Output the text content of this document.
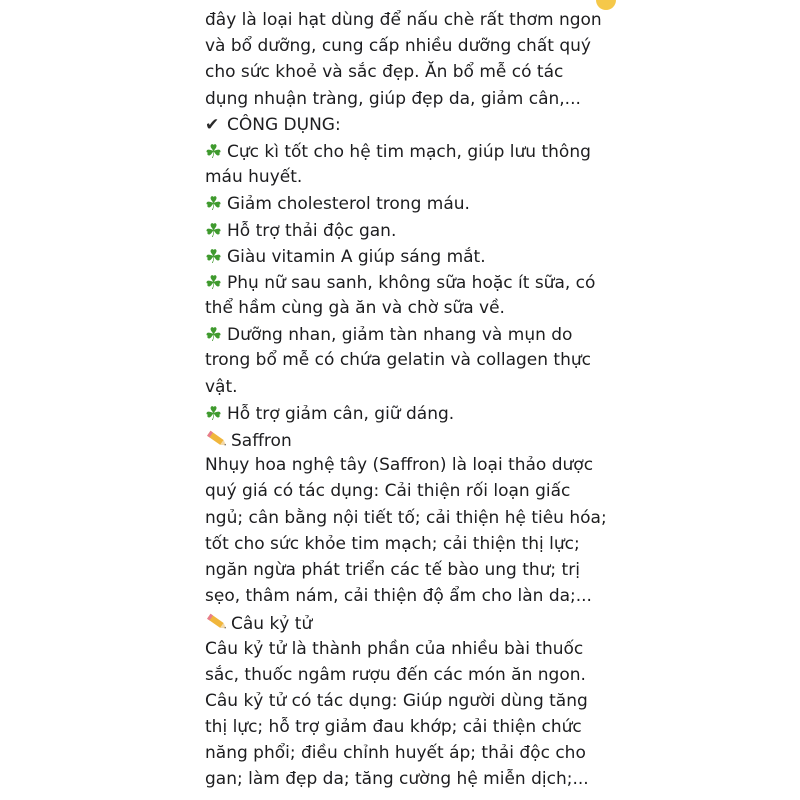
đây là loại hạt dùng để nấu chè rất thơm ngon
và bổ dưỡng, cung cấp nhiều dưỡng chất quý
cho sức khoẻ và sắc đẹp. Ăn bổ mễ có tác
dụng nhuận tràng, giúp đẹp da, giảm cân,...
✔ CÔNG DỤNG:
☘ Cực kì tốt cho hệ tim mạch, giúp lưu thông
máu huyết.
☘ Giảm cholesterol trong máu.
☘ Hỗ trợ thải độc gan.
☘ Giàu vitamin A giúp sáng mắt.
☘ Phụ nữ sau sanh, không sữa hoặc ít sữa, có
thể hầm cùng gà ăn và chờ sữa về.
☘ Dưỡng nhan, giảm tàn nhang và mụn do
trong bổ mễ có chứa gelatin và collagen thực
vật.
☘ Hỗ trợ giảm cân, giữ dáng.
Saffron
Nhụy hoa nghệ tây (Saffron) là loại thảo dược
quý giá có tác dụng: Cải thiện rối loạn giấc
ngủ; cân bằng nội tiết tố; cải thiện hệ tiêu hóa;
tốt cho sức khỏe tim mạch; cải thiện thị lực;
ngăn ngừa phát triển các tế bào ung thư; trị
sẹo, thâm nám, cải thiện độ ẩm cho làn da;...
Câu kỷ tử
Câu kỷ tử là thành phần của nhiều bài thuốc
sắc, thuốc ngâm rượu đến các món ăn ngon.
Câu kỷ tử có tác dụng: Giúp người dùng tăng
thị lực; hỗ trợ giảm đau khớp; cải thiện chức
năng phổi; điều chỉnh huyết áp; thải độc cho
gan; làm đẹp da; tăng cường hệ miễn dịch;...
